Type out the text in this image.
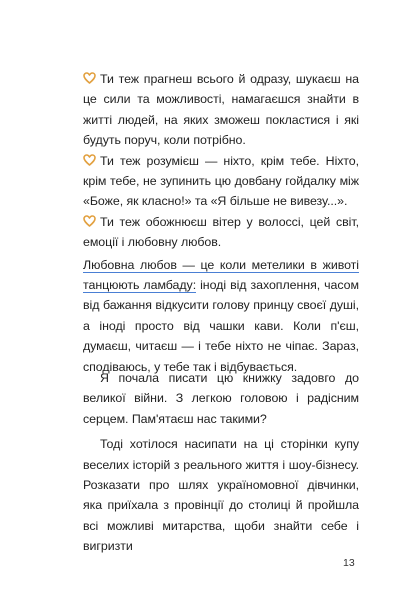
Ти теж прагнеш всього й одразу, шукаєш на це сили та можливості, намагаєшся знайти в житті людей, на яких зможеш покластися і які будуть поруч, коли потрібно.

Ти теж розумієш — ніхто, крім тебе. Ніхто, крім тебе, не зупинить цю довбану гойдалку між «Боже, як класно!» та «Я більше не вивезу...».

Ти теж обожнюєш вітер у волоссі, цей світ, емоції і любовну любов.

Любовна любов — це коли метелики в животі танцюють ламбаду: іноді від захоплення, часом від бажання відкусити голову принцу своєї душі, а іноді просто від чашки кави. Коли п'єш, думаєш, читаєш — і тебе ніхто не чіпає. Зараз, сподіваюсь, у тебе так і відбувається.

Я почала писати цю книжку задовго до великої війни. З легкою головою і радісним серцем. Пам'ятаєш нас такими?

Тоді хотілося насипати на ці сторінки купу веселих історій з реального життя і шоу-бізнесу. Розказати про шлях україномовної дівчинки, яка приїхала з провінції до столиці й пройшла всі можливі митарства, щоби знайти себе і вигризти

13
